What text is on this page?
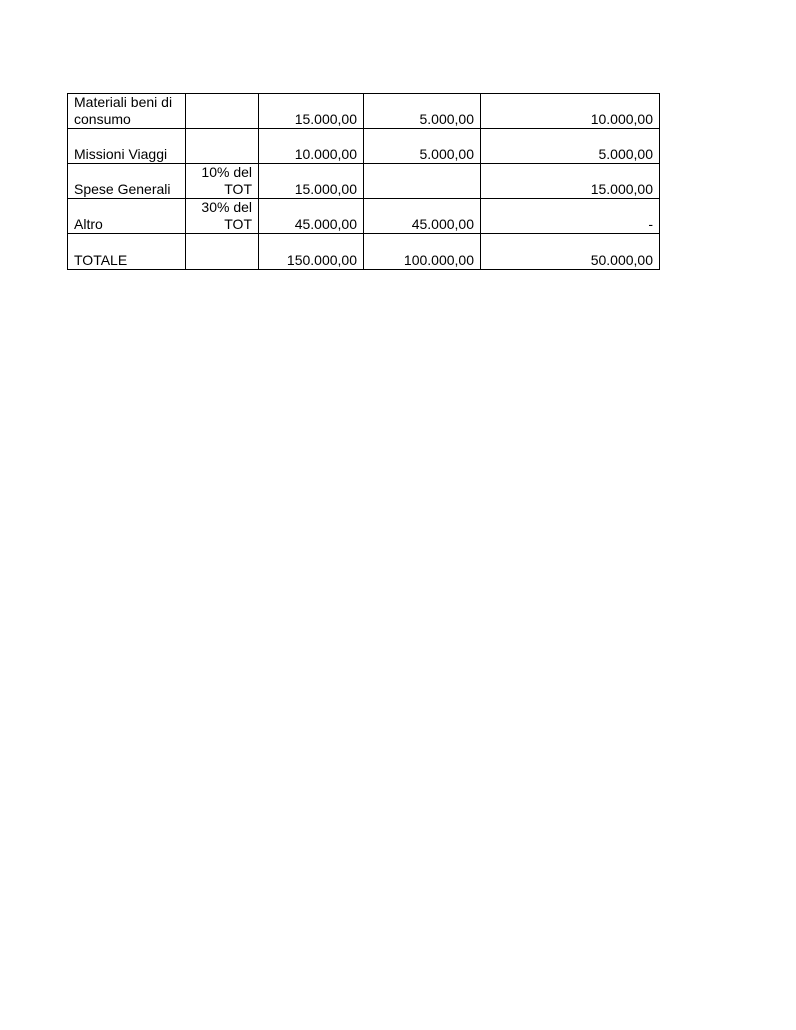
Materiali beni di
consumo		15.000,00	5.000,00	10.000,00
Missioni Viaggi		10.000,00	5.000,00	5.000,00
Spese Generali	10% del
TOT	15.000,00		15.000,00
Altro	30% del
TOT	45.000,00	45.000,00	-
TOTALE		150.000,00	100.000,00	50.000,00
